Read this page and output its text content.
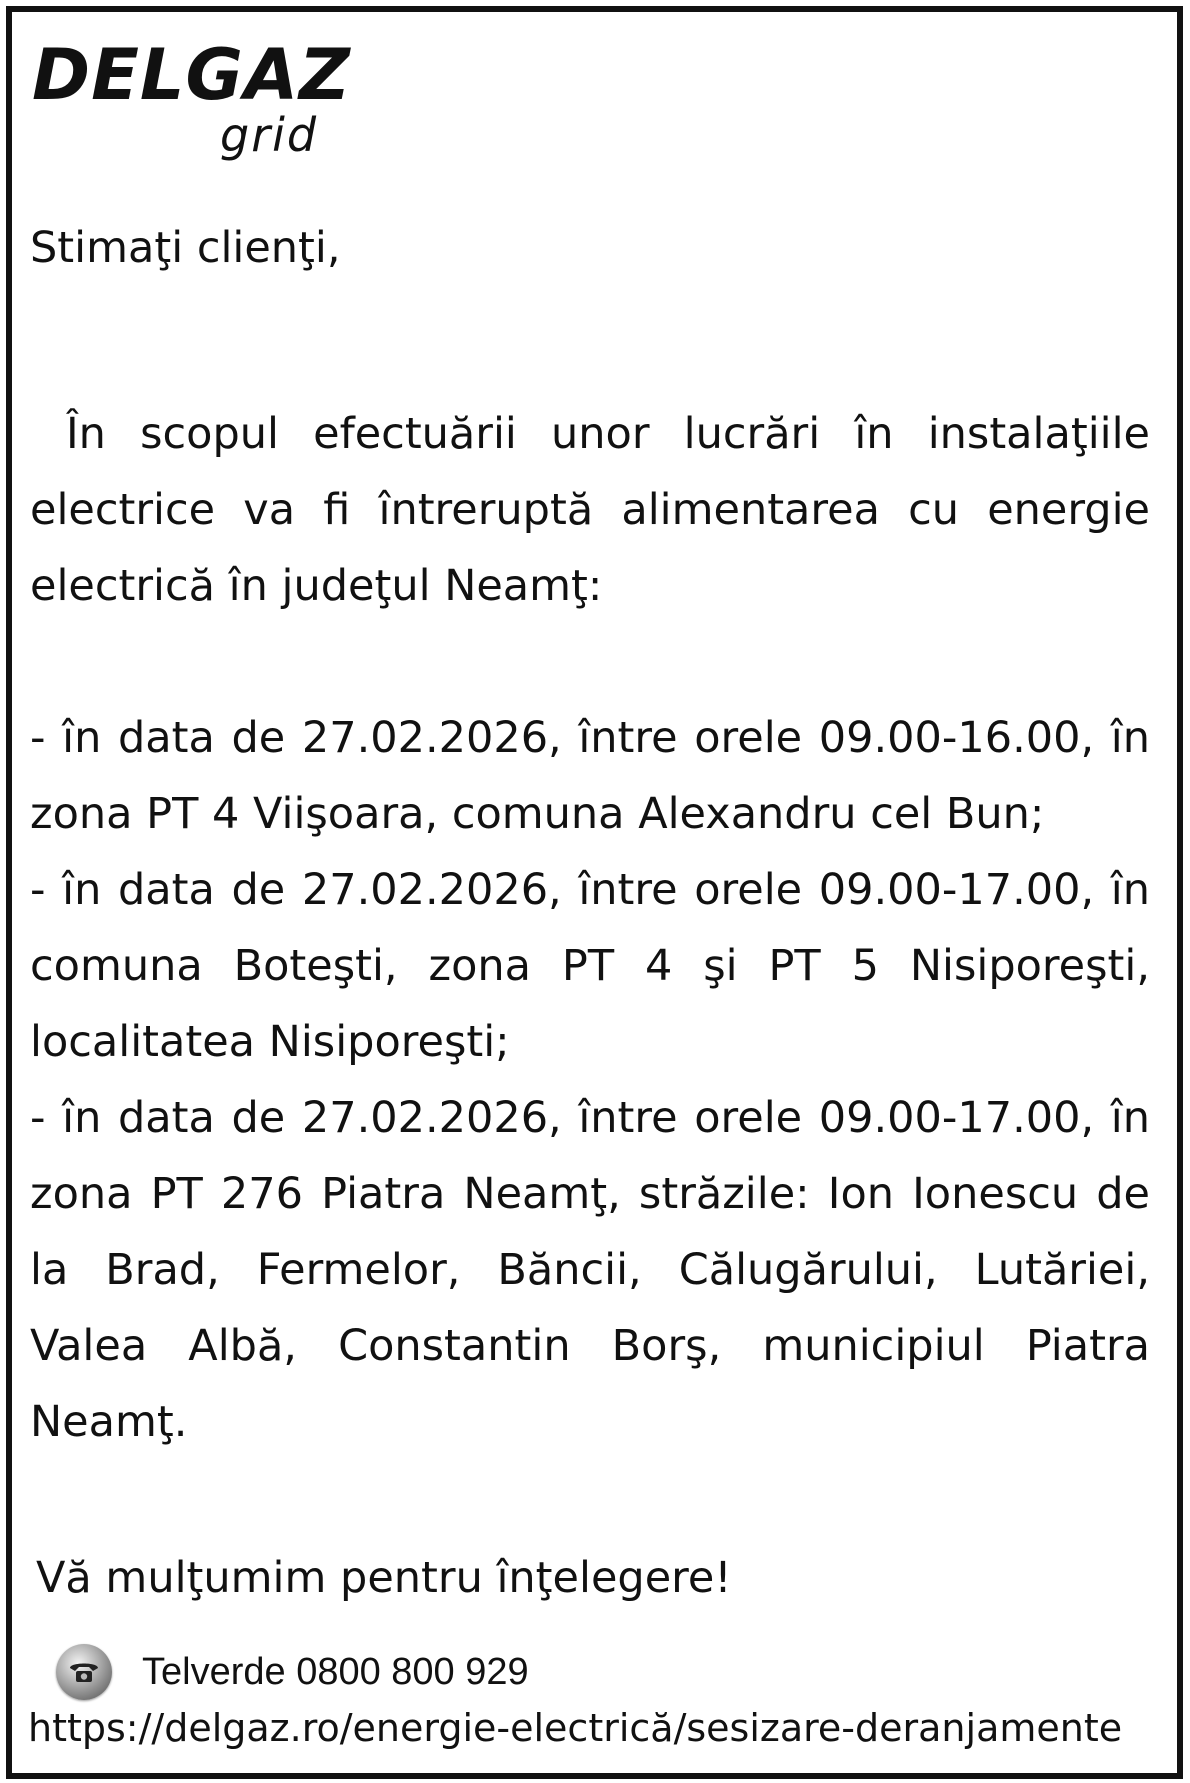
DELGAZ
grid

Stimaţi clienţi,

În scopul efectuării unor lucrări în instalaţiile electrice va fi întreruptă alimentarea cu energie electrică în judeţul Neamţ:

- în data de 27.02.2026, între orele 09.00-16.00, în zona PT 4 Viişoara, comuna Alexandru cel Bun;

- în data de 27.02.2026, între orele 09.00-17.00, în comuna Boteşti, zona PT 4 şi PT 5 Nisiporeşti, localitatea Nisiporeşti;

- în data de 27.02.2026, între orele 09.00-17.00, în zona PT 276 Piatra Neamţ, străzile: Ion Ionescu de la Brad, Fermelor, Băncii, Călugărului, Lutăriei, Valea Albă, Constantin Borş, municipiul Piatra Neamţ.

Vă mulţumim pentru înţelegere!

Telverde 0800 800 929
https://delgaz.ro/energie-electrică/sesizare-deranjamente
